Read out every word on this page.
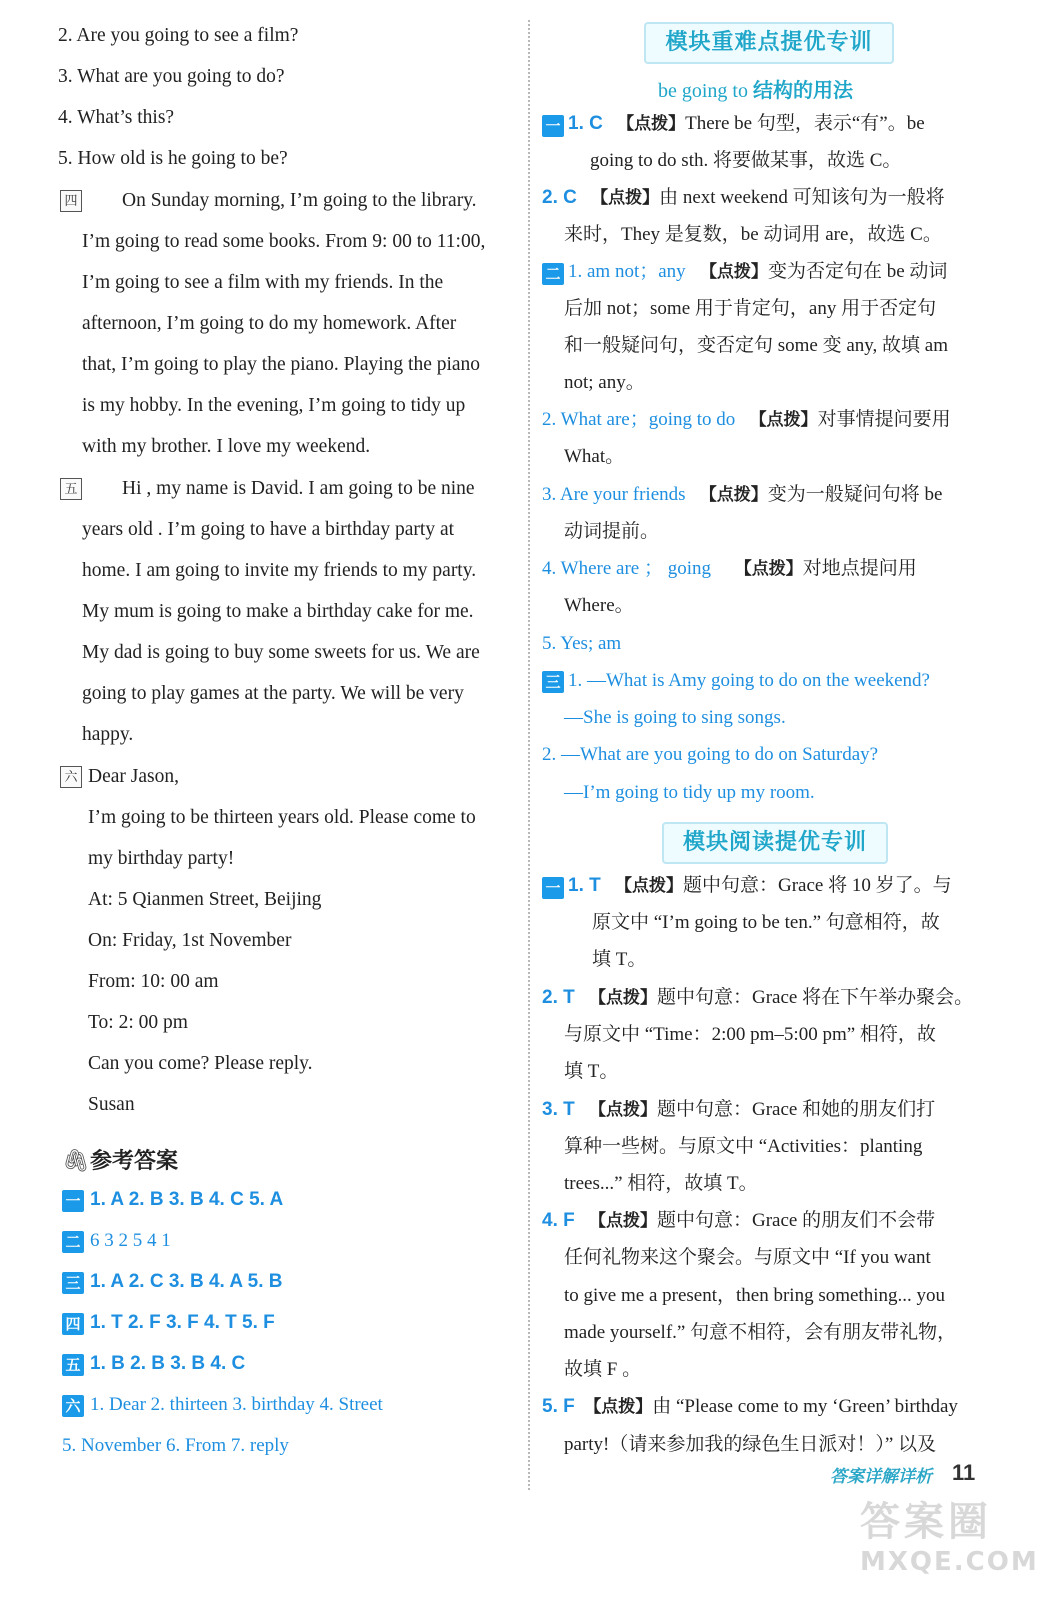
2. Are you going to see a film?
3. What are you going to do?
4. What’s this?
5. How old is he going to be?
四 On Sunday morning, I’m going to the library.
I’m going to read some books. From 9: 00 to 11:00,
I’m going to see a film with my friends. In the
afternoon, I’m going to do my homework. After
that, I’m going to play the piano. Playing the piano
is my hobby. In the evening, I’m going to tidy up
with my brother. I love my weekend.
五 Hi , my name is David. I am going to be nine
years old . I’m going to have a birthday party at
home. I am going to invite my friends to my party.
My mum is going to make a birthday cake for me.
My dad is going to buy some sweets for us. We are
going to play games at the party. We will be very
happy.
六 Dear Jason,
I’m going to be thirteen years old. Please come to
my birthday party!
At: 5 Qianmen Street, Beijing
On: Friday, 1st November
From: 10: 00 am
To: 2: 00 pm
Can you come? Please reply.
Susan
🖇参考答案
一 1. A 2. B 3. B 4. C 5. A
二 6 3 2 5 4 1
三 1. A 2. C 3. B 4. A 5. B
四 1. T 2. F 3. F 4. T 5. F
五 1. B 2. B 3. B 4. C
六 1. Dear 2. thirteen 3. birthday 4. Street
5. November 6. From 7. reply
模块重难点提优专训
be going to 结构的用法
一
二
三
1. C 【点拨】There be 句型，表示“有”。be
going to do sth. 将要做某事，故选 C。
2. C 【点拨】由 next weekend 可知该句为一般将
来时，They 是复数，be 动词用 are，故选 C。
1. am not；any 【点拨】变为否定句在 be 动词
后加 not；some 用于肯定句，any 用于否定句
和一般疑问句，变否定句 some 变 any, 故填 am
not; any。
2. What are；going to do 【点拨】对事情提问要用
What。
3. Are your friends 【点拨】变为一般疑问句将 be
动词提前。
4. Where are ； going 【点拨】对地点提问用
Where。
5. Yes; am
1. —What is Amy going to do on the weekend?
—She is going to sing songs.
2. —What are you going to do on Saturday?
—I’m going to tidy up my room.
模块阅读提优专训
一 1. T 【点拨】题中句意：Grace 将 10 岁了。与
原文中 “I’m going to be ten.” 句意相符，故
填 T。
2. T 【点拨】题中句意：Grace 将在下午举办聚会。
与原文中 “Time：2:00 pm–5:00 pm” 相符，故
填 T。
3. T 【点拨】题中句意：Grace 和她的朋友们打
算种一些树。与原文中 “Activities：planting
trees...” 相符，故填 T。
4. F 【点拨】题中句意：Grace 的朋友们不会带
任何礼物来这个聚会。与原文中 “If you want
to give me a present，then bring something... you
made yourself.” 句意不相符，会有朋友带礼物，
故填 F 。
5. F 【点拨】由 “Please come to my ‘Green’ birthday
party!（请来参加我的绿色生日派对！）” 以及
答案详解详析 11
答案圈
MXQE.COM
